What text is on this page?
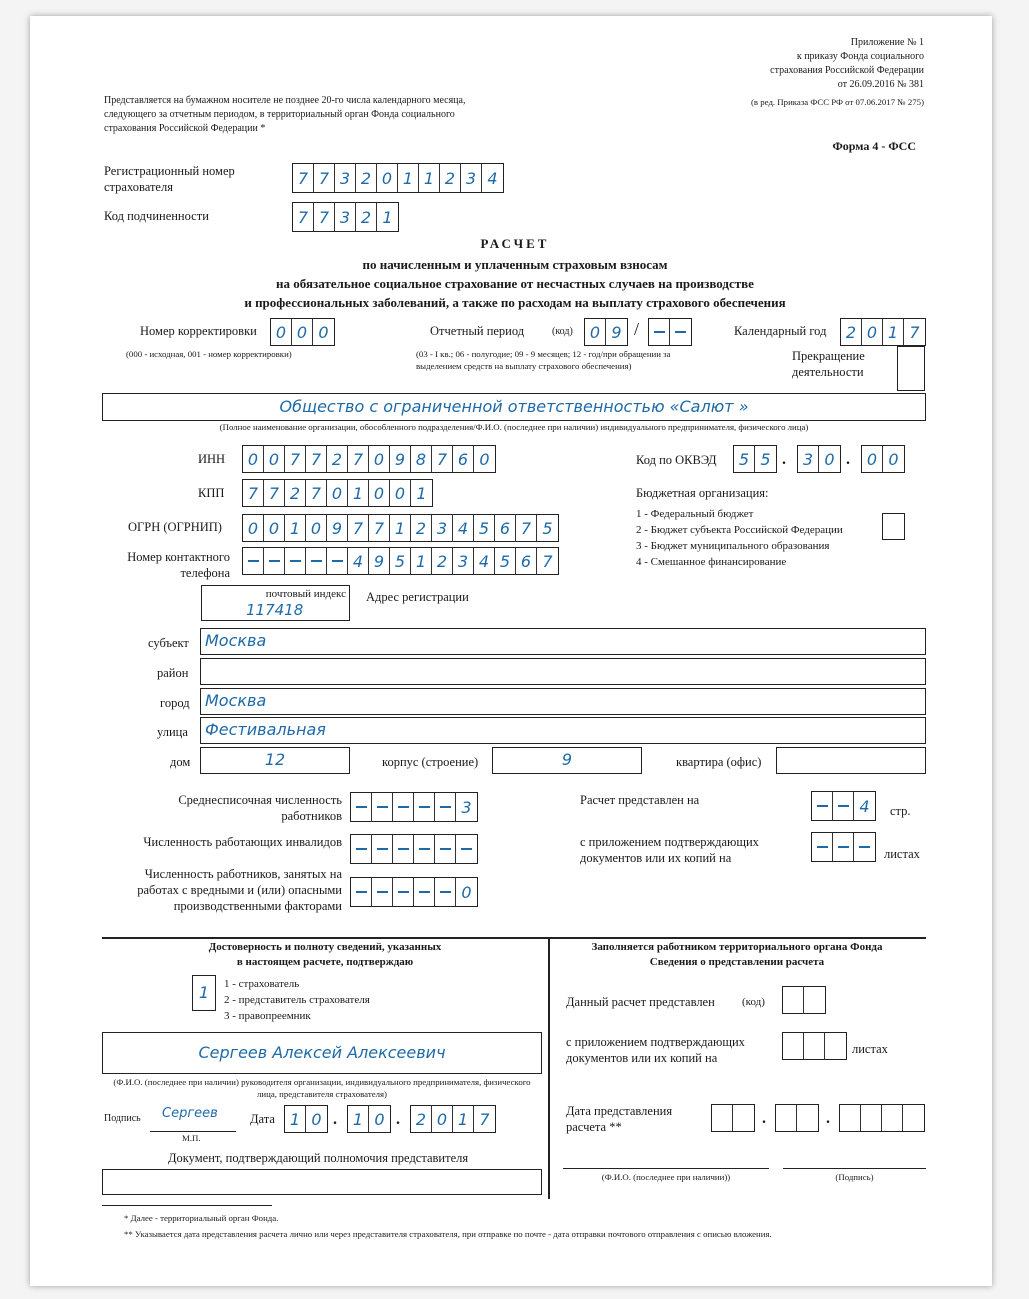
Приложение № 1
к приказу Фонда социального
страхования Российской Федерации
от 26.09.2016 № 381
(в ред. Приказа ФСС РФ от 07.06.2017 № 275)
Представляется на бумажном носителе не позднее 20-го числа календарного месяца,
следующего за отчетным периодом, в территориальный орган Фонда социального
страхования Российской Федерации *
Форма 4 - ФСС
Регистрационный номер
страхователя	7 7 3 2 0 1 1 2 3 4
Код подчиненности	7 7 3 2 1
РАСЧЕТ
по начисленным и уплаченным страховым взносам
на обязательное социальное страхование от несчастных случаев на производстве
и профессиональных заболеваний, а также по расходам на выплату страхового обеспечения
Номер корректировки	0 0 0
(000 - исходная, 001 - номер корректировки)
Отчетный период	(код)	0 9 /
(03 - I кв.; 06 - полугодие; 09 - 9 месяцев; 12 - год/при обращении за
выделением средств на выплату страхового обеспечения)
Календарный год	2 0 1 7
Прекращение
деятельности
Общество с ограниченной ответственностью «Салют »
(Полное наименование организации, обособленного подразделения/Ф.И.О. (последнее при наличии) индивидуального предпринимателя, физического лица)
ИНН	0 0 7 7 2 7 0 9 8 7 6 0
КПП	7 7 2 7 0 1 0 0 1
ОГРН (ОГРНИП)	0 0 1 0 9 7 7 1 2 3 4 5 6 7 5
Номер контактного
телефона
4 9 5 1 2 3 4 5 6 7
Код по ОКВЭД	5 5 .	3 0 .	0 0
Бюджетная организация:
1 - Федеральный бюджет
2 - Бюджет субъекта Российской Федерации
3 - Бюджет муниципального образования
4 - Смешанное финансирование
почтовый индекс
117418
Адрес регистрации
субъект	Москва
район
город Москва
улица	Фестивальная
дом	12	корпус (строение)	9	квартира (офис)
Среднесписочная численность
работников	3
Численность работающих инвалидов
Численность работников, занятых на
работах с вредными и (или) опасными
производственными факторами
0
Расчет представлен на	4	стр.
с приложением подтверждающих
документов или их копий на	листах
Достоверность и полноту сведений, указанных
в настоящем расчете, подтверждаю
1	1 - страхователь
2 - представитель страхователя
3 - правопреемник
Сергеев Алексей Алексеевич
(Ф.И.О. (последнее при наличии) руководителя организации, индивидуального предпринимателя, физического
лица, представителя страхователя)
Подпись Сергеев
М.П.
Дата 1 0 . 1 0 . 2 0 1 7
Документ, подтверждающий полномочия представителя
Заполняется работником территориального органа Фонда
Сведения о представлении расчета
Данный расчет представлен (код)
с приложением подтверждающих
документов или их копий на
листах
Дата представления
расчета **	.	.
(Ф.И.О. (последнее при наличии))	(Подпись)
* Далее - территориальный орган Фонда.
** Указывается дата представления расчета лично или через представителя страхователя, при отправке по почте - дата отправки почтового отправления с описью вложения.
